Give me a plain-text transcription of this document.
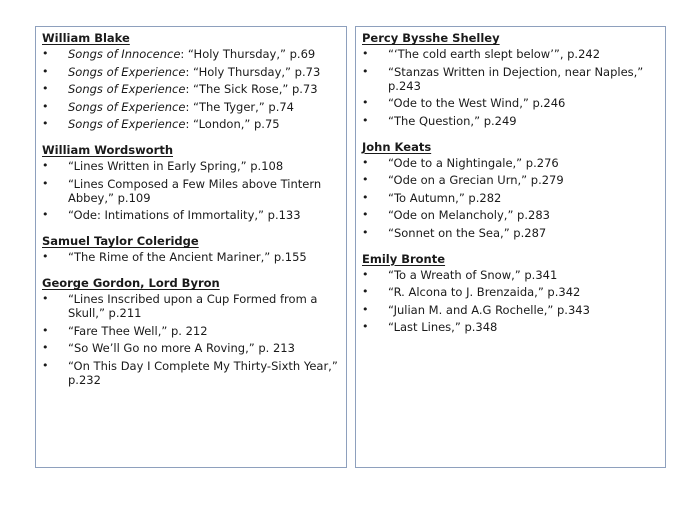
William Blake
• Songs of Innocence: “Holy Thursday,” p.69
• Songs of Experience: “Holy Thursday,” p.73
• Songs of Experience: “The Sick Rose,” p.73
• Songs of Experience: “The Tyger,” p.74
• Songs of Experience: “London,” p.75
William Wordsworth
• “Lines Written in Early Spring,” p.108
• “Lines Composed a Few Miles above Tintern Abbey,” p.109
• “Ode: Intimations of Immortality,” p.133
Samuel Taylor Coleridge
• “The Rime of the Ancient Mariner,” p.155
George Gordon, Lord Byron
• “Lines Inscribed upon a Cup Formed from a Skull,” p.211
• “Fare Thee Well,” p. 212
• “So We’ll Go no more A Roving,” p. 213
• “On This Day I Complete My Thirty-Sixth Year,” p.232
Percy Bysshe Shelley
• “‘The cold earth slept below’”, p.242
• “Stanzas Written in Dejection, near Naples,” p.243
• “Ode to the West Wind,” p.246
• “The Question,” p.249
John Keats
• “Ode to a Nightingale,” p.276
• “Ode on a Grecian Urn,” p.279
• “To Autumn,” p.282
• “Ode on Melancholy,” p.283
• “Sonnet on the Sea,” p.287
Emily Bronte
• “To a Wreath of Snow,” p.341
• “R. Alcona to J. Brenzaida,” p.342
• “Julian M. and A.G Rochelle,” p.343
• “Last Lines,” p.348
